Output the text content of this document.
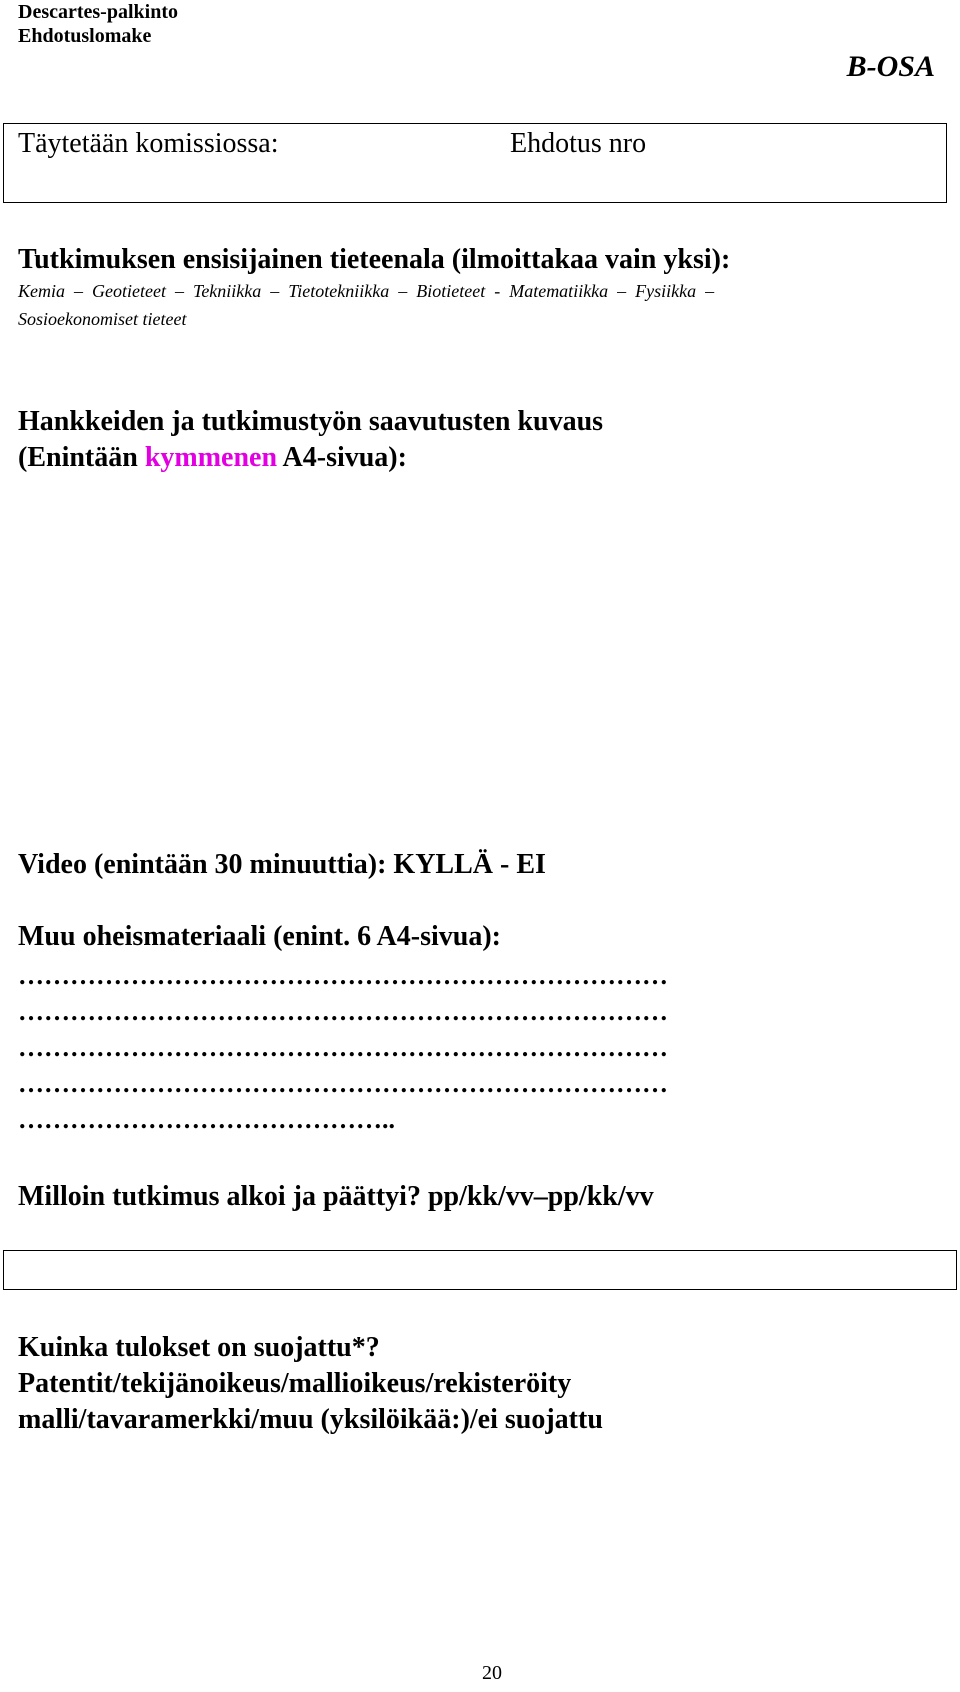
Descartes-palkinto
Ehdotuslomake
B-OSA
Täytetään komissiossa:	Ehdotus nro
Tutkimuksen ensisijainen tieteenala (ilmoittakaa vain yksi):
Kemia  –  Geotieteet  –  Tekniikka  –  Tietotekniikka  –  Biotieteet  -  Matematiikka  –  Fysiikka  –
Sosioekonomiset tieteet
Hankkeiden ja tutkimustyön saavutusten kuvaus
(Enintään kymmenen A4-sivua):
Video (enintään 30 minuuttia): KYLLÄ - EI
Muu oheismateriaali (enint. 6 A4-sivua):
…………………………………………………………………
…………………………………………………………………
…………………………………………………………………
…………………………………………………………………
……………………………………..
Milloin tutkimus alkoi ja päättyi? pp/kk/vv–pp/kk/vv
Kuinka tulokset on suojattu*?
Patentit/tekijänoikeus/mallioikeus/rekisteröity
malli/tavaramerkki/muu (yksilöikää:)/ei suojattu
20
